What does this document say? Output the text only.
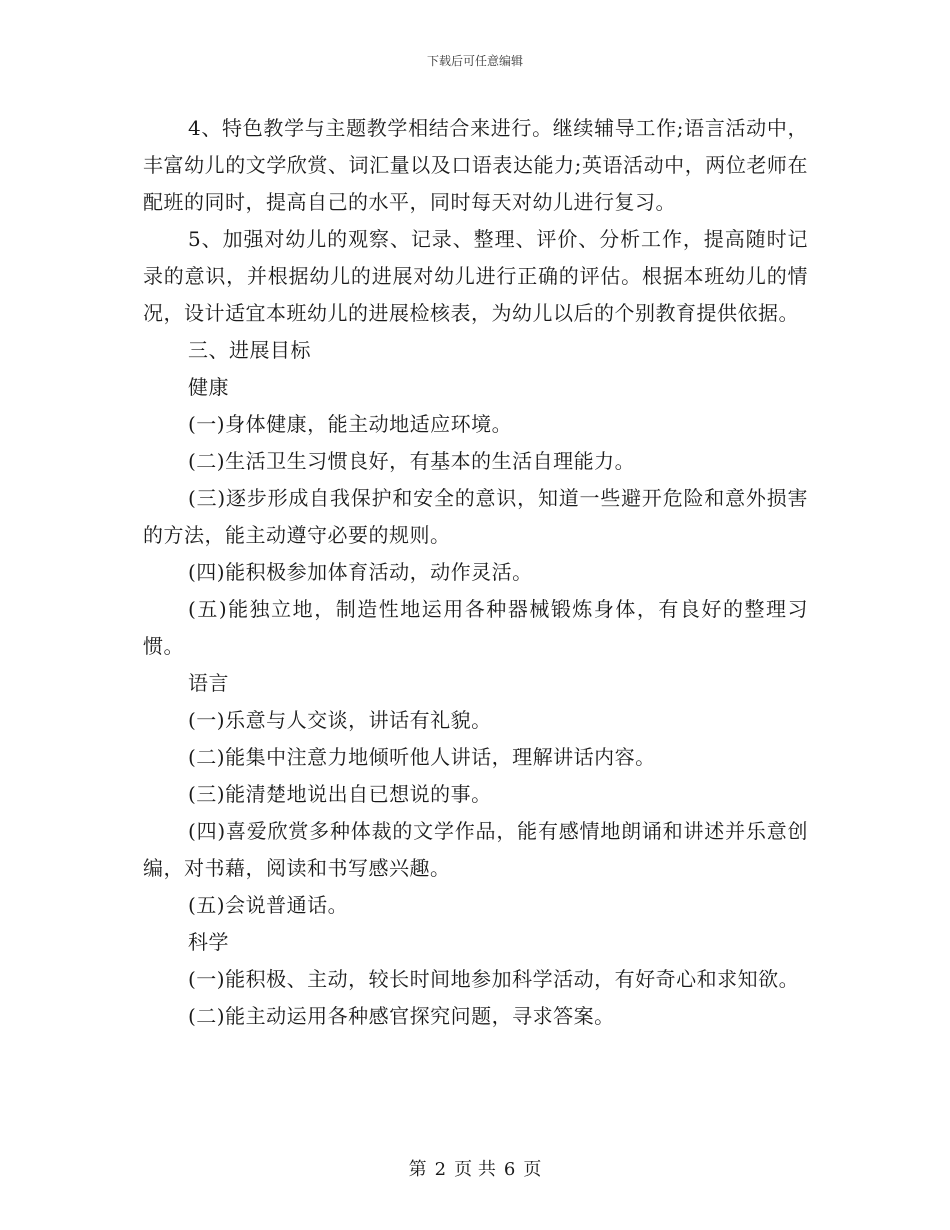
下载后可任意编辑

4、特色教学与主题教学相结合来进行。继续辅导工作;语言活动中，丰富幼儿的文学欣赏、词汇量以及口语表达能力;英语活动中，两位老师在配班的同时，提高自己的水平，同时每天对幼儿进行复习。

5、加强对幼儿的观察、记录、整理、评价、分析工作，提高随时记录的意识，并根据幼儿的进展对幼儿进行正确的评估。根据本班幼儿的情况，设计适宜本班幼儿的进展检核表，为幼儿以后的个别教育提供依据。

三、进展目标

健康

(一)身体健康，能主动地适应环境。

(二)生活卫生习惯良好，有基本的生活自理能力。

(三)逐步形成自我保护和安全的意识，知道一些避开危险和意外损害的方法，能主动遵守必要的规则。

(四)能积极参加体育活动，动作灵活。

(五)能独立地，制造性地运用各种器械锻炼身体，有良好的整理习惯。

语言

(一)乐意与人交谈，讲话有礼貌。

(二)能集中注意力地倾听他人讲话，理解讲话内容。

(三)能清楚地说出自已想说的事。

(四)喜爱欣赏多种体裁的文学作品，能有感情地朗诵和讲述并乐意创编，对书藉，阅读和书写感兴趣。

(五)会说普通话。

科学

(一)能积极、主动，较长时间地参加科学活动，有好奇心和求知欲。

(二)能主动运用各种感官探究问题，寻求答案。

第 2 页 共 6 页
